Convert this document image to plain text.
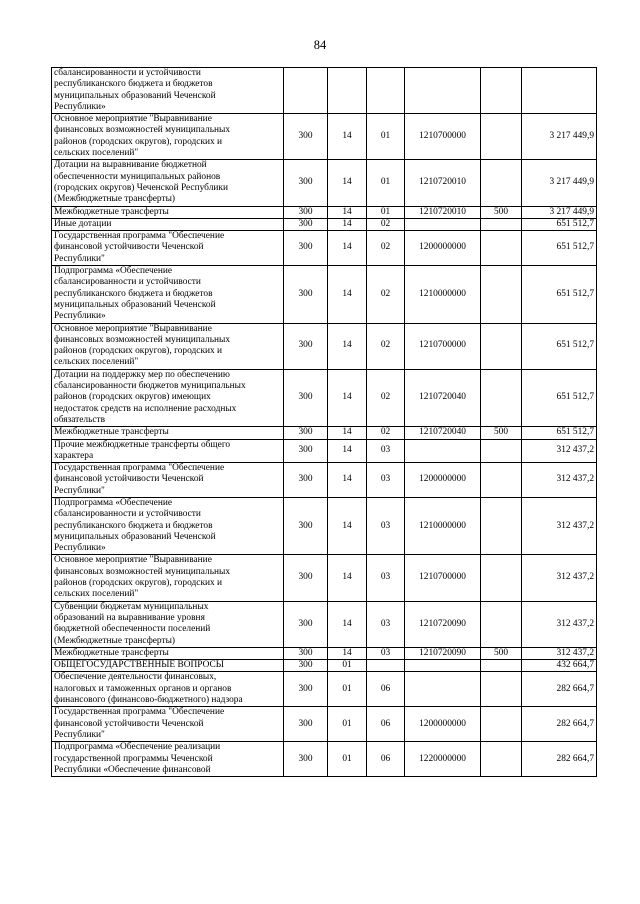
84
сбалансированности и устойчивости
республиканского бюджета и бюджетов
муниципальных образований Чеченской
Республики»						

Основное мероприятие "Выравнивание
финансовых возможностей муниципальных
районов (городских округов), городских и
сельских поселений"	300	14	01	1210700000		3 217 449,9

Дотации на выравнивание бюджетной
обеспеченности муниципальных районов
(городских округов) Чеченской Республики
(Межбюджетные трансферты)	300	14	01	1210720010		3 217 449,9

Межбюджетные трансферты	300	14	01	1210720010	500	3 217 449,9

Иные дотации	300	14	02			651 512,7

Государственная программа "Обеспечение
финансовой устойчивости Чеченской
Республики"	300	14	02	1200000000		651 512,7

Подпрограмма «Обеспечение
сбалансированности и устойчивости
республиканского бюджета и бюджетов
муниципальных образований Чеченской
Республики»	300	14	02	1210000000		651 512,7

Основное мероприятие "Выравнивание
финансовых возможностей муниципальных
районов (городских округов), городских и
сельских поселений"	300	14	02	1210700000		651 512,7

Дотации на поддержку мер по обеспечению
сбалансированности бюджетов муниципальных
районов (городских округов) имеющих
недостаток средств на исполнение расходных
обязательств	300	14	02	1210720040		651 512,7

Межбюджетные трансферты	300	14	02	1210720040	500	651 512,7

Прочие межбюджетные трансферты общего
характера	300	14	03			312 437,2

Государственная программа "Обеспечение
финансовой устойчивости Чеченской
Республики"	300	14	03	1200000000		312 437,2

Подпрограмма «Обеспечение
сбалансированности и устойчивости
республиканского бюджета и бюджетов
муниципальных образований Чеченской
Республики»	300	14	03	1210000000		312 437,2

Основное мероприятие "Выравнивание
финансовых возможностей муниципальных
районов (городских округов), городских и
сельских поселений"	300	14	03	1210700000		312 437,2

Субвенции бюджетам муниципальных
образований на выравнивание уровня
бюджетной обеспеченности поселений
(Межбюджетные трансферты)	300	14	03	1210720090		312 437,2

Межбюджетные трансферты	300	14	03	1210720090	500	312 437,2

ОБЩЕГОСУДАРСТВЕННЫЕ ВОПРОСЫ	300	01				432 664,7

Обеспечение деятельности финансовых,
налоговых и таможенных органов и органов
финансового (финансово-бюджетного) надзора	300	01	06			282 664,7

Государственная программа "Обеспечение
финансовой устойчивости Чеченской
Республики"	300	01	06	1200000000		282 664,7

Подпрограмма «Обеспечение реализации
государственной программы Чеченской
Республики «Обеспечение финансовой	300	01	06	1220000000		282 664,7
